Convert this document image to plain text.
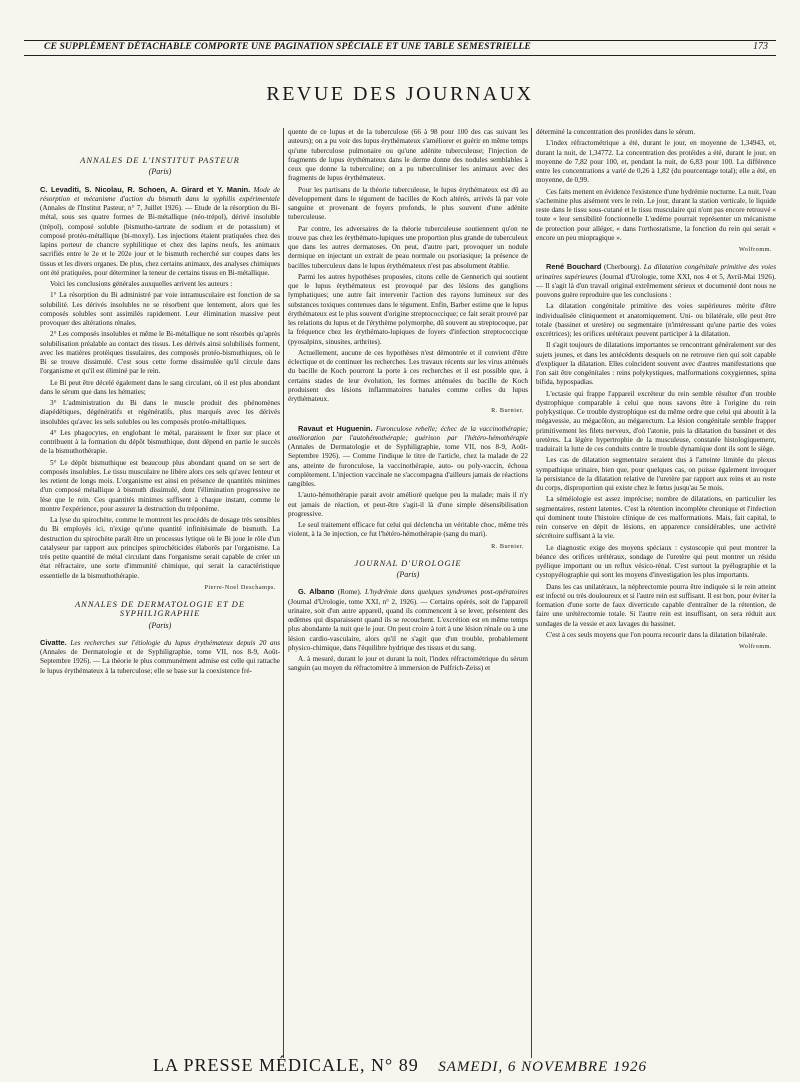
CE SUPPLÉMENT DÉTACHABLE COMPORTE UNE PAGINATION SPÉCIALE ET UNE TABLE SEMESTRIELLE	173
REVUE DES JOURNAUX
ANNALES DE L'INSTITUT PASTEUR
(Paris)

C. Levaditi, S. Nicolau, R. Schoen, A. Girard et Y. Manin. Mode de résorption et mécanisme d'action du bismuth dans la syphilis expérimentale (Annales de l'Institut Pasteur, n° 7, Juillet 1926). — Etude de la résorption du Bi-métal, sous ses quatre formes de Bi-métallique (néo-trépol), dérivé insoluble (trépol), composé soluble (bismutho-tartrate de sodium et de potassium) et composé protéo-métallique (bi-moxyl). Les injections étaient pratiquées chez des lapins porteur de chancre syphilitique et chez des lapins neufs, les animaux sacrifiés entre le 2e et le 202e jour et le bismuth recherché sur coupes dans les tissus et les divers organes. De plus, chez certains animaux, des analyses chimiques ont été pratiquées, pour déterminer la teneur de certains tissus en Bi-métallique.

Voici les conclusions générales auxquelles arrivent les auteurs :

1° La résorption du Bi administré par voie intramusculaire est fonction de sa solubilité. Les dérivés insolubles ne se résorbent que lentement, alors que les composés solubles sont assimilés rapidement. Leur élimination massive peut provoquer des altérations rénales.

2° Les composés insolubles et même le Bi-métallique ne sont résorbés qu'après solubilisation préalable au contact des tissus. Les dérivés ainsi solubilisés forment, avec les matières protéiques tissulaires, des composés protéo-bismuthiques, où le Bi se trouve dissimulé. C'est sous cette forme dissimulée qu'il circule dans l'organisme et qu'il est éliminé par le rein.

Le Bi peut être décelé également dans le sang circulant, où il est plus abondant dans le sérum que dans les hématies;

3° L'administration du Bi dans le muscle produit des phénomènes diapédétiques, dégénératifs et régénératifs, plus marqués avec les dérivés insolubles qu'avec les sels solubles ou les composés protéo-métalliques.

4° Les phagocytes, en englobant le métal, paraissent le fixer sur place et contribuent à la formation du dépôt bismuthique, dont dépend en partie le succès de la bismuthothérapie.

5° Le dépôt bismuthique est beaucoup plus abondant quand on se sert de composés insolubles. Le tissu musculaire ne libère alors ces sels qu'avec lenteur et les retient de longs mois. L'organisme est ainsi en présence de quantités minimes d'un composé métallique à bismuth dissimulé, dont l'élimination progressive ne lèse que le rein. Ces quantités minimes suffisent à chaque instant, comme le montre l'expérience, pour assurer la destruction du tréponème.

La lyse du spirochète, comme le montrent les procédés de dosage très sensibles du Bi employés ici, n'exige qu'une quantité infinitésimale de bismuth. La destruction du spirochète paraît être un processus lytique où le Bi joue le rôle d'un catalyseur par rapport aux principes spirochéticides élaborés par l'organisme. La très petite quantité de métal circulant dans l'organisme serait capable de créer un état réfractaire, une sorte d'immunité chimique, qui serait la caractéristique essentielle de la bismuthothérapie.

Pierre-Noel Deschamps.
ANNALES DE DERMATOLOGIE ET DE SYPHILIGRAPHIE
(Paris)

Civatte. Les recherches sur l'étiologie du lupus érythémateux depuis 20 ans (Annales de Dermatologie et de Syphiligraphie, tome VII, nos 8-9, Août-Septembre 1926). — La théorie le plus communément admise est celle qui rattache le lupus érythémateux à la tuberculose; elle se base sur la coexistence fré-

quente de ce lupus et de la tuberculose (66 à 98 pour 100 des cas suivant les auteurs); on a pu voir des lupus érythémateux s'améliorer et guérir en même temps qu'une tuberculose pulmonaire ou qu'une adénite tuberculeuse; l'injection de fragments de lupus érythémateux dans le derme donne des nodules semblables à ceux que donne la tuberculine; on a pu tuberculiniser les animaux avec des fragments de lupus érythémateux.

Pour les partisans de la théorie tuberculeuse, le lupus érythémateux est dû au développement dans le tégument de bacilles de Koch altérés, arrivés là par voie sanguine et provenant de foyers profonds, le plus souvent d'une adénite tuberculeuse.

Par contre, les adversaires de la théorie tuberculeuse soutiennent qu'on ne trouve pas chez les érythémato-lupiques une proportion plus grande de tuberculeux que dans les autres dermatoses. On peut, d'autre part, provoquer un nodule dermique en injectant un extrait de peau normale ou psoriasique; la présence de bacilles tuberculeux dans le lupus érythémateux n'est pas absolument établie.

Parmi les autres hypothèses proposées, citons celle de Gennerich qui soutient que le lupus érythémateux est provoqué par des lésions des ganglions lymphatiques; une autre fait intervenir l'action des rayons lumineux sur des substances toxiques contenues dans le tégument. Enfin, Barber estime que le lupus érythémateux est le plus souvent d'origine streptococcique; ce fait serait prouvé par les relations du lupus et de l'érythème polymorphe, dû souvent au streptocoque, par la fréquence chez les érythémato-lupiques de foyers d'infection streptococcique (pyosalpinx, sinusites, arthrites).

Actuellement, aucune de ces hypothèses n'est démontrée et il convient d'être éclectique et de continuer les recherches. Les travaux récents sur les virus atténués du bacille de Koch pourront la porte à ces recherches et il est possible que, à certains stades de leur évolution, les formes atténuées du bacille de Koch produisent des lésions inflammatoires banales comme celles du lupus érythémateux.

R. Burnier.

Ravaut et Huguenin. Furonculose rebelle; échec de la vaccinothérapie; amélioration par l'autohémothérapie; guérison par l'hétéro-hémothérapie (Annales de Dermatologie et de Syphiligraphie, tome VII, nos 8-9, Août-Septembre 1926). — Comme l'indique le titre de l'article, chez la malade de 22 ans, atteinte de furonculose, la vaccinothérapie, auto- ou poly-vaccin, échoua complètement. L'injection vaccinale ne s'accompagna d'ailleurs jamais de réactions tangibles.

L'auto-hémothérapie parait avoir amélioré quelque peu la malade; mais il n'y eut jamais de réaction, et peut-être s'agit-il là d'une simple désensibilisation progressive.

Le seul traitement efficace fut celui qui déclencha un véritable choc, même très violent, à la 3e injection, ce fut l'hétéro-hémothérapie (sang du mari).

R. Burnier.
JOURNAL D'UROLOGIE
(Paris)

G. Albano (Rome). L'hydrémie dans quelques syndromes post-opératoires (Journal d'Urologie, tome XXI, n° 2, 1926). — Certains opérés, soit de l'appareil urinaire, soit d'un autre appareil, quand ils commencent à se lever, présentent des œdèmes qui disparaissent quand ils se recouchent. L'excrétion est en même temps plus abondante la nuit que le jour. On peut croire à tort à une lésion rénale ou à une lésion cardio-vasculaire, alors qu'il ne s'agit que d'un trouble, probablement physico-chimique, dans l'équilibre hydrique des tissus et du sang.

A. à mesuré, durant le jour et durant la nuit, l'index réfractométrique du sérum sanguin (au moyen du réfractomètre à immersion de Pulfrich-Zeiss) et

déterminé la concentration des protéides dans le sérum.

L'index réfractométrique a été, durant le jour, en moyenne de 1,34943, et, durant la nuit, de 1,34772. La concentration des protéides a été, durant le jour, en moyenne de 7,82 pour 100, et, pendant la nuit, de 6,83 pour 100. La différence entre les concentrations a varié de 0,26 à 1,82 (du pourcentage total); elle a été, en moyenne, de 0,99.

Ces faits mettent en évidence l'existence d'une hydrémie nocturne. La nuit, l'eau s'achemine plus aisément vers le rein. Le jour, durant la station verticale, le liquide reste dans le tissu sous-cutané et le tissu musculaire qui n'ont pas encore retrouvé « toute « leur sensibilité fonctionnelle L'œdème pourrait représenter un mécanisme de protection pour alléger, « dans l'orthostatisme, la fonction du rein qui serait « encore un peu miopragique ».

Wolfromm.

René Bouchard (Cherbourg). La dilatation congénitale primitive des voies urinaires supérieures (Journal d'Urologie, tome XXI, nos 4 et 5, Avril-Mai 1926). — Il s'agit là d'un travail original extrêmement sérieux et documenté dont nous ne pouvons guère reproduire que les conclusions :

La dilatation congénitale primitive des voies supérieures mérite d'être individualisée cliniquement et anatomiquement. Uni- ou bilatérale, elle peut être totale (bassinet et uretère) ou segmentaire (n'intéressant qu'une partie des voies excrétrices); les orifices urétéraux peuvent participer à la dilatation.

Il s'agit toujours de dilatations importantes se rencontrant généralement sur des sujets jeunes, et dans les antécédents desquels on ne retrouve rien qui soit capable d'expliquer la dilatation. Elles coïncident souvent avec d'autres manifestations que l'on sait être congénitales : reins polykystiques, malformations coxygiennes, spina bifida, hypospadias.

L'ectasie qui frappe l'appareil excréteur du rein semble résulter d'un trouble dystrophique comparable à celui que nous savons être à l'origine du rein polykystique. Ce trouble dystrophique est du même ordre que celui qui aboutit à la mégavessie, au mégacôlon, au mégarectum. La lésion congénitale semble frapper primitivement les filets nerveux, d'où l'atonie, puis la dilatation du bassinet et des uretères. La légère hypertrophie de la musculeuse, constatée histologiquement, traduirait la lutte de ces conduits contre le trouble dynamique dont ils sont le siège.

Les cas de dilatation segmentaire seraient dus à l'atteinte limitée du plexus sympathique urinaire, bien que, pour quelques cas, on puisse également invoquer la persistance de la dilatation relative de l'uretère par rapport aux reins et au reste du corps, disproportion qui existe chez le fœtus jusqu'au 5e mois.

La séméiologie est assez imprécise; nombre de dilatations, en particulier les segmentaires, restent latentes. C'est la rétention incomplète chronique et l'infection qui dominent toute l'histoire clinique de ces malformations. Mais, fait capital, le rein conserve en dépit de lésions, en apparence considérables, une activité sécrétoire suffisant à la vie.

Le diagnostic exige des moyens spéciaux : cystoscopie qui peut montrer la béance des orifices urétéraux, sondage de l'uretère qui peut montrer un résidu pyélique important ou un reflux vésico-rénal. C'est surtout la pyélographie et la cystopyélographie qui sont les moyens d'investigation les plus importants.

Dans les cas unilatéraux, la néphrectomie pourra être indiquée si le rein atteint est infecté ou très douloureux et si l'autre rein est suffisant. Il est bon, pour éviter la formation d'une sorte de faux diverticule capable d'entraîner de la rétention, de faire une urétérectomie totale. Si l'autre rein est insuffisant, on sera réduit aux sondages de la vessie et aux lavages du bassinet.

C'est à ces seuls moyens que l'on pourra recourir dans la dilatation bilatérale.

Wolfromm.
LA PRESSE MÉDICALE, N° 89 SAMEDI, 6 NOVEMBRE 1926
